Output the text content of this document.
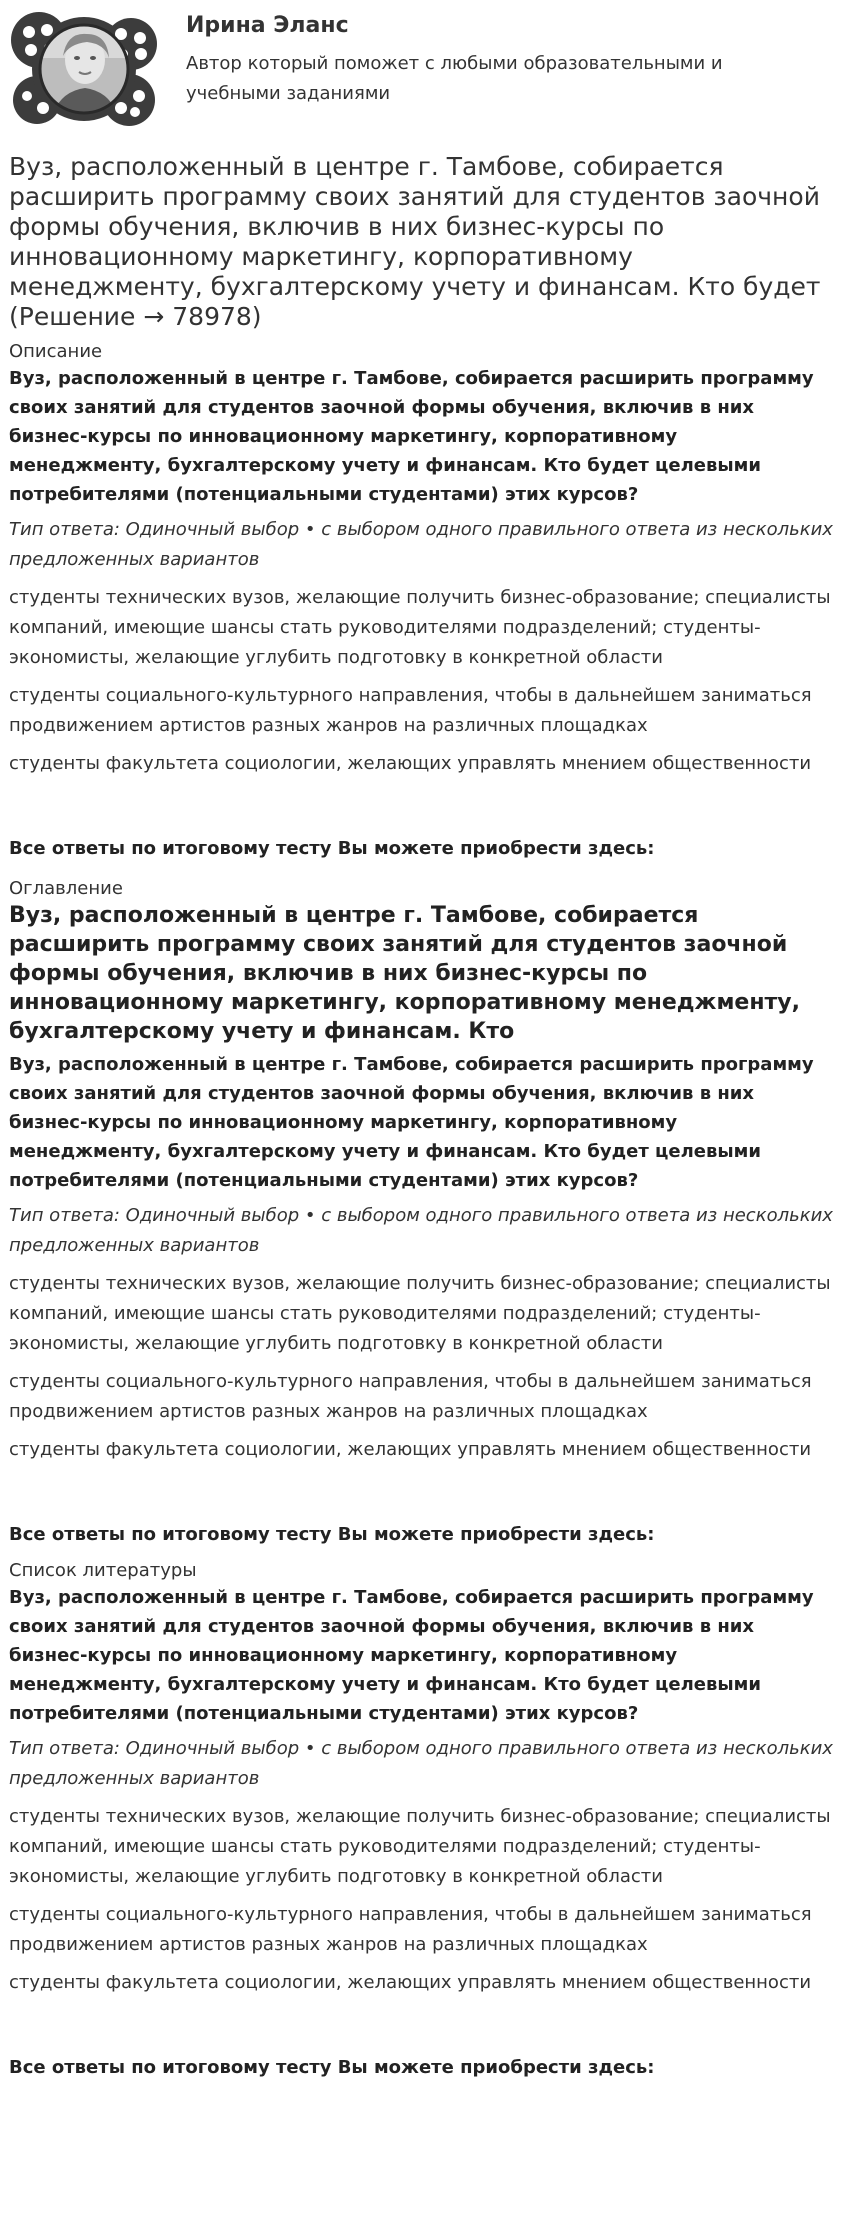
Ирина Эланс
Автор который поможет с любыми образовательными и учебными заданиями
Вуз, расположенный в центре г. Тамбове, собирается расширить программу своих занятий для студентов заочной формы обучения, включив в них бизнес-курсы по инновационному маркетингу, корпоративному менеджменту, бухгалтерскому учету и финансам. Кто будет (Решение → 78978)
Описание

Вуз, расположенный в центре г. Тамбове, собирается расширить программу своих занятий для студентов заочной формы обучения, включив в них бизнес-курсы по инновационному маркетингу, корпоративному менеджменту, бухгалтерскому учету и финансам. Кто будет целевыми потребителями (потенциальными студентами) этих курсов?

Тип ответа: Одиночный выбор • с выбором одного правильного ответа из нескольких предложенных вариантов

студенты технических вузов, желающие получить бизнес-образование; специалисты компаний, имеющие шансы стать руководителями подразделений; студенты-экономисты, желающие углубить подготовку в конкретной области

студенты социального-культурного направления, чтобы в дальнейшем заниматься продвижением артистов разных жанров на различных площадках

студенты факультета социологии, желающих управлять мнением общественности

Все ответы по итоговому тесту Вы можете приобрести здесь:

Оглавление
Вуз, расположенный в центре г. Тамбове, собирается расширить программу своих занятий для студентов заочной формы обучения, включив в них бизнес-курсы по инновационному маркетингу, корпоративному менеджменту, бухгалтерскому учету и финансам. Кто

Вуз, расположенный в центре г. Тамбове, собирается расширить программу своих занятий для студентов заочной формы обучения, включив в них бизнес-курсы по инновационному маркетингу, корпоративному менеджменту, бухгалтерскому учету и финансам. Кто будет целевыми потребителями (потенциальными студентами) этих курсов?

Тип ответа: Одиночный выбор • с выбором одного правильного ответа из нескольких предложенных вариантов

студенты технических вузов, желающие получить бизнес-образование; специалисты компаний, имеющие шансы стать руководителями подразделений; студенты-экономисты, желающие углубить подготовку в конкретной области

студенты социального-культурного направления, чтобы в дальнейшем заниматься продвижением артистов разных жанров на различных площадках

студенты факультета социологии, желающих управлять мнением общественности

Все ответы по итоговому тесту Вы можете приобрести здесь:

Список литературы

Вуз, расположенный в центре г. Тамбове, собирается расширить программу своих занятий для студентов заочной формы обучения, включив в них бизнес-курсы по инновационному маркетингу, корпоративному менеджменту, бухгалтерскому учету и финансам. Кто будет целевыми потребителями (потенциальными студентами) этих курсов?

Тип ответа: Одиночный выбор • с выбором одного правильного ответа из нескольких предложенных вариантов

студенты технических вузов, желающие получить бизнес-образование; специалисты компаний, имеющие шансы стать руководителями подразделений; студенты-экономисты, желающие углубить подготовку в конкретной области

студенты социального-культурного направления, чтобы в дальнейшем заниматься продвижением артистов разных жанров на различных площадках

студенты факультета социологии, желающих управлять мнением общественности

Все ответы по итоговому тесту Вы можете приобрести здесь:
